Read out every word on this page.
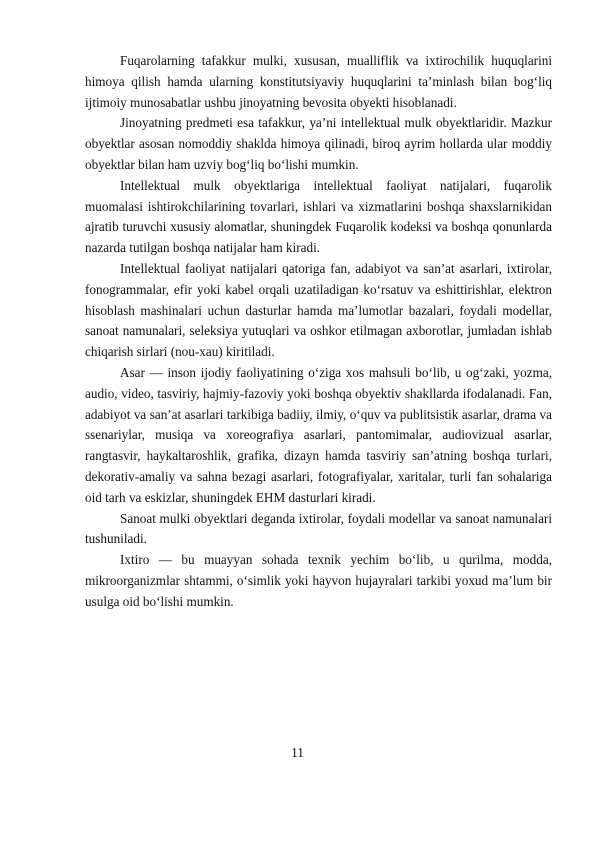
Fuqarolarning tafakkur mulki, xususan, mualliflik va ixtirochilik huquqlarini himoya qilish hamda ularning konstitutsiyaviy huquqlarini ta’minlash bilan bog‘liq ijtimoiy munosabatlar ushbu jinoyatning bevosita obyekti hisoblanadi.

Jinoyatning predmeti esa tafakkur, ya’ni intellektual mulk obyektlaridir. Mazkur obyektlar asosan nomoddiy shaklda himoya qilinadi, biroq ayrim hollarda ular moddiy obyektlar bilan ham uzviy bog‘liq bo‘lishi mumkin.

Intellektual mulk obyektlariga intellektual faoliyat natijalari, fuqarolik muomalasi ishtirokchilarining tovarlari, ishlari va xizmatlarini boshqa shaxslarnikidan ajratib turuvchi xususiy alomatlar, shuningdek Fuqarolik kodeksi va boshqa qonunlarda nazarda tutilgan boshqa natijalar ham kiradi.

Intellektual faoliyat natijalari qatoriga fan, adabiyot va san’at asarlari, ixtirolar, fonogrammalar, efir yoki kabel orqali uzatiladigan ko‘rsatuv va eshittirishlar, elektron hisoblash mashinalari uchun dasturlar hamda ma’lumotlar bazalari, foydali modellar, sanoat namunalari, seleksiya yutuqlari va oshkor etilmagan axborotlar, jumladan ishlab chiqarish sirlari (nou-xau) kiritiladi.

Asar — inson ijodiy faoliyatining o‘ziga xos mahsuli bo‘lib, u og‘zaki, yozma, audio, video, tasviriy, hajmiy-fazoviy yoki boshqa obyektiv shakllarda ifodalanadi. Fan, adabiyot va san’at asarlari tarkibiga badiiy, ilmiy, o‘quv va publitsistik asarlar, drama va ssenariylar, musiqa va xoreografiya asarlari, pantomimalar, audiovizual asarlar, rangtasvir, haykaltaroshlik, grafika, dizayn hamda tasviriy san’atning boshqa turlari, dekorativ-amaliy va sahna bezagi asarlari, fotografiyalar, xaritalar, turli fan sohalariga oid tarh va eskizlar, shuningdek EHM dasturlari kiradi.

Sanoat mulki obyektlari deganda ixtirolar, foydali modellar va sanoat namunalari tushuniladi.

Ixtiro — bu muayyan sohada texnik yechim bo‘lib, u qurilma, modda, mikroorganizmlar shtammi, o‘simlik yoki hayvon hujayralari tarkibi yoxud ma’lum bir usulga oid bo‘lishi mumkin.

11
